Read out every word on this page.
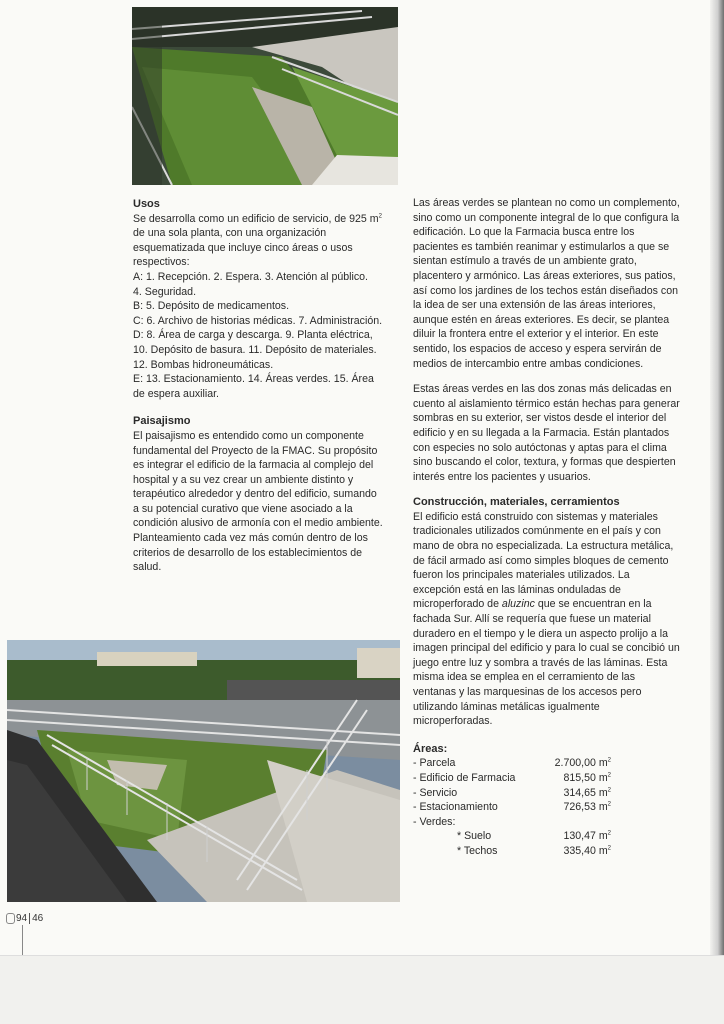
Usos

Se desarrolla como un edificio de servicio, de 925 $m^2$ de una sola planta, con una organización esquematizada que incluye cinco áreas o usos respectivos:

A: 1. Recepción. 2. Espera. 3. Atención al público.

4. Seguridad.

B: 5. Depósito de medicamentos.

C: 6. Archivo de historias médicas. 7. Administración.

D: 8. Área de carga y descarga. 9. Planta eléctrica, 10. Depósito de basura. 11. Depósito de materiales. 12. Bombas hidroneumáticas.

E: 13. Estacionamiento. 14. Áreas verdes. 15. Área de espera auxiliar.

Paisajismo

El paisajismo es entendido como un componente fundamental del Proyecto de la FMAC. Su propósito es integrar el edificio de la farmacia al complejo del hospital y a su vez crear un ambiente distinto y terapéutico alrededor y dentro del edificio, sumando a su potencial curativo que viene asociado a la condición alusivo de armonía con el medio ambiente. Planteamiento cada vez más común dentro de los criterios de desarrollo de los establecimientos de salud.

Las áreas verdes se plantean no como un complemento, sino como un componente integral de lo que configura la edificación. Lo que la Farmacia busca entre los pacientes es también reanimar y estimularlos a que se sientan estímulo a través de un ambiente grato, placentero y armónico. Las áreas exteriores, sus patios, así como los jardines de los techos están diseñados con la idea de ser una extensión de las áreas interiores, aunque estén en áreas exteriores. Es decir, se plantea diluir la frontera entre el exterior y el interior. En este sentido, los espacios de acceso y espera servirán de medios de intercambio entre ambas condiciones.

Estas áreas verdes en las dos zonas más delicadas en cuento al aislamiento térmico están hechas para generar sombras en su exterior, ser vistos desde el interior del edificio y en su llegada a la Farmacia. Están plantados con especies no solo autóctonas y aptas para el clima sino buscando el color, textura, y formas que despierten interés entre los pacientes y usuarios.

Construcción, materiales, cerramientos

El edificio está construido con sistemas y materiales tradicionales utilizados comúnmente en el país y con mano de obra no especializada. La estructura metálica, de fácil armado así como simples bloques de cemento fueron los principales materiales utilizados. La excepción está en las láminas onduladas de microperforado de aluzinc que se encuentran en la fachada Sur. Allí se requería que fuese un material duradero en el tiempo y le diera un aspecto prolijo a la imagen principal del edificio y para lo cual se concibió un juego entre luz y sombra a través de las láminas. Esta misma idea se emplea en el cerramiento de las ventanas y las marquesinas de los accesos pero utilizando láminas metálicas igualmente microperforadas.

Áreas:

- Parcela	2.700,00 $m^2$
- Edificio de Farmacia	815,50 $m^2$
- Servicio	314,65 $m^2$
- Estacionamiento	726,53 $m^2$
- Verdes:
* Suelo	130,47 $m^2$
* Techos	335,40 $m^2$
94 46
